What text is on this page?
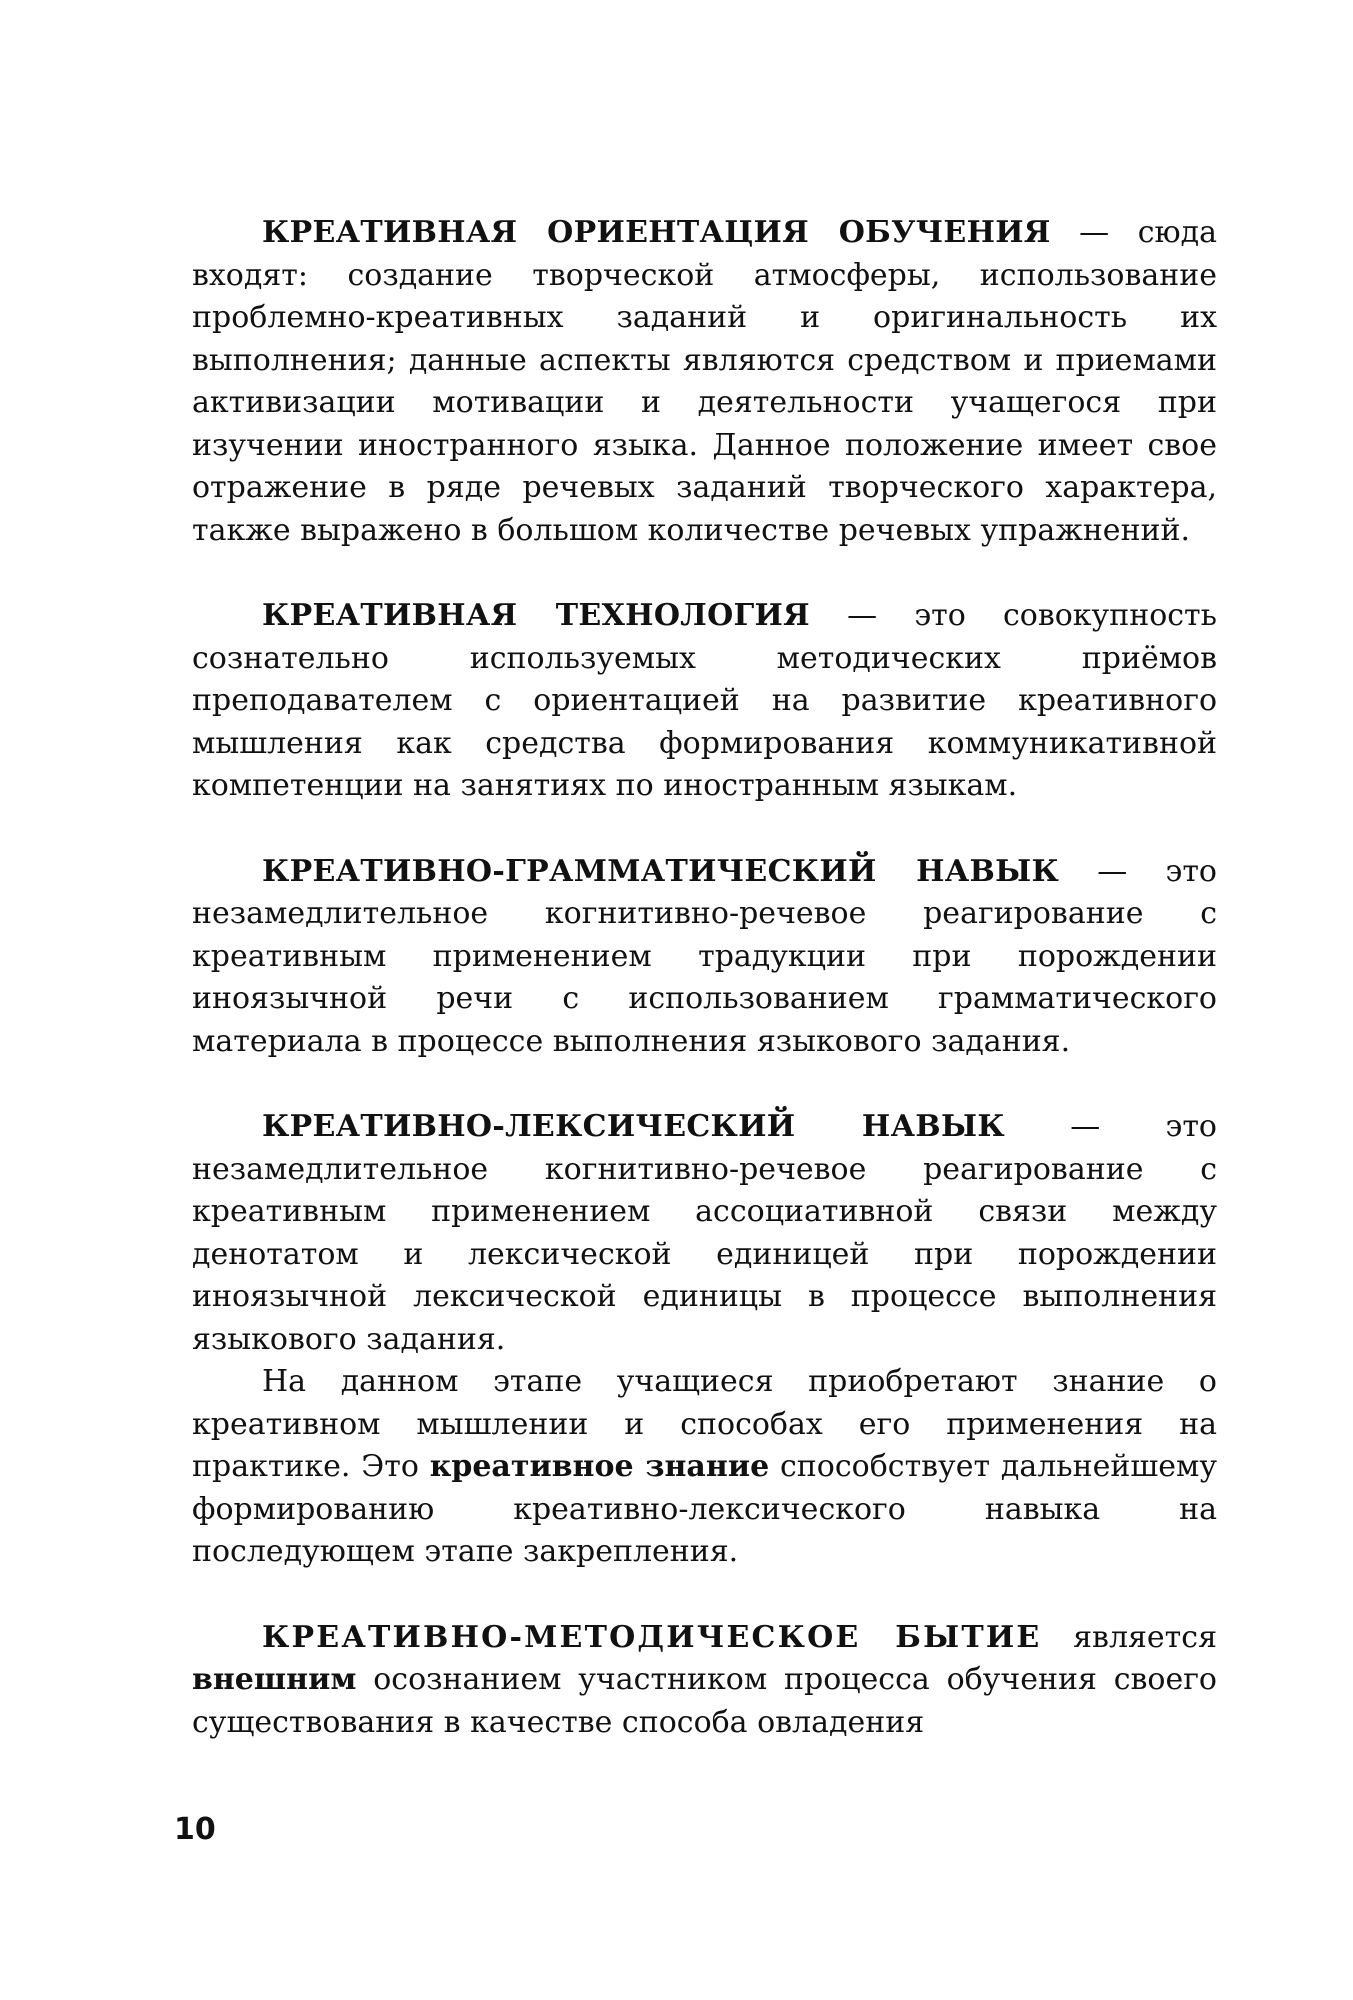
КРЕАТИВНАЯ ОРИЕНТАЦИЯ ОБУЧЕНИЯ — сюда входят: создание творческой атмосферы, использование проблемно-креативных заданий и оригинальность их выполнения; данные аспекты являются средством и приемами активизации мотивации и деятельности учащегося при изучении иностранного языка. Данное положение имеет свое отражение в ряде речевых заданий творческого характера, также выражено в большом количестве речевых упражнений.

КРЕАТИВНАЯ ТЕХНОЛОГИЯ — это совокупность сознательно используемых методических приёмов преподавателем с ориентацией на развитие креативного мышления как средства формирования коммуникативной компетенции на занятиях по иностранным языкам.

КРЕАТИВНО-ГРАММАТИЧЕСКИЙ НАВЫК — это незамедлительное когнитивно-речевое реагирование с креативным применением традукции при порождении иноязычной речи с использованием грамматического материала в процессе выполнения языкового задания.

КРЕАТИВНО-ЛЕКСИЧЕСКИЙ НАВЫК — это незамедлительное когнитивно-речевое реагирование с креативным применением ассоциативной связи между денотатом и лексической единицей при порождении иноязычной лексической единицы в процессе выполнения языкового задания.

На данном этапе учащиеся приобретают знание о креативном мышлении и способах его применения на практике. Это креативное знание способствует дальнейшему формированию креативно-лексического навыка на последующем этапе закрепления.

КРЕАТИВНО-МЕТОДИЧЕСКОЕ БЫТИЕ является внешним осознанием участником процесса обучения своего существования в качестве способа овладения

10
